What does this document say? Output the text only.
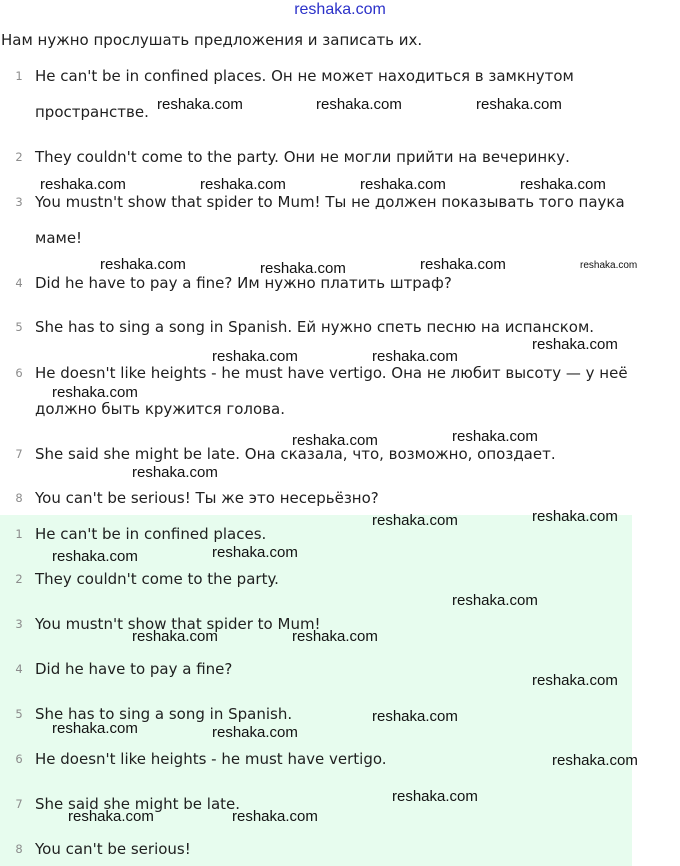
reshaka.com
Нам нужно прослушать предложения и записать их.
1 He can't be in confined places. Он не может находиться в замкнутом
пространстве.
2 They couldn't come to the party. Они не могли прийти на вечеринку.
3 You mustn't show that spider to Mum! Ты не должен показывать того паука
маме!
4 Did he have to pay a fine? Им нужно платить штраф?
5 She has to sing a song in Spanish. Ей нужно спеть песню на испанском.
6 He doesn't like heights - he must have vertigo. Она не любит высоту — у неё
должно быть кружится голова.
7 She said she might be late. Она сказала, что, возможно, опоздает.
8 You can't be serious! Ты же это несерьёзно?
1 He can't be in confined places.
2 They couldn't come to the party.
3 You mustn't show that spider to Mum!
4 Did he have to pay a fine?
5 She has to sing a song in Spanish.
6 He doesn't like heights - he must have vertigo.
7 She said she might be late.
8 You can't be serious!
reshaka.com	reshaka.com	reshaka.com
reshaka.com	reshaka.com	reshaka.com	reshaka.com
reshaka.com	reshaka.com	reshaka.com	reshaka.com
reshaka.com
reshaka.com	reshaka.com
reshaka.com
reshaka.com
reshaka.com
reshaka.com
reshaka.com
reshaka.com
reshaka.com
reshaka.com
reshaka.com
reshaka.com	reshaka.com
reshaka.com
reshaka.com
reshaka.com	reshaka.com
reshaka.com
reshaka.com
reshaka.com	reshaka.com
